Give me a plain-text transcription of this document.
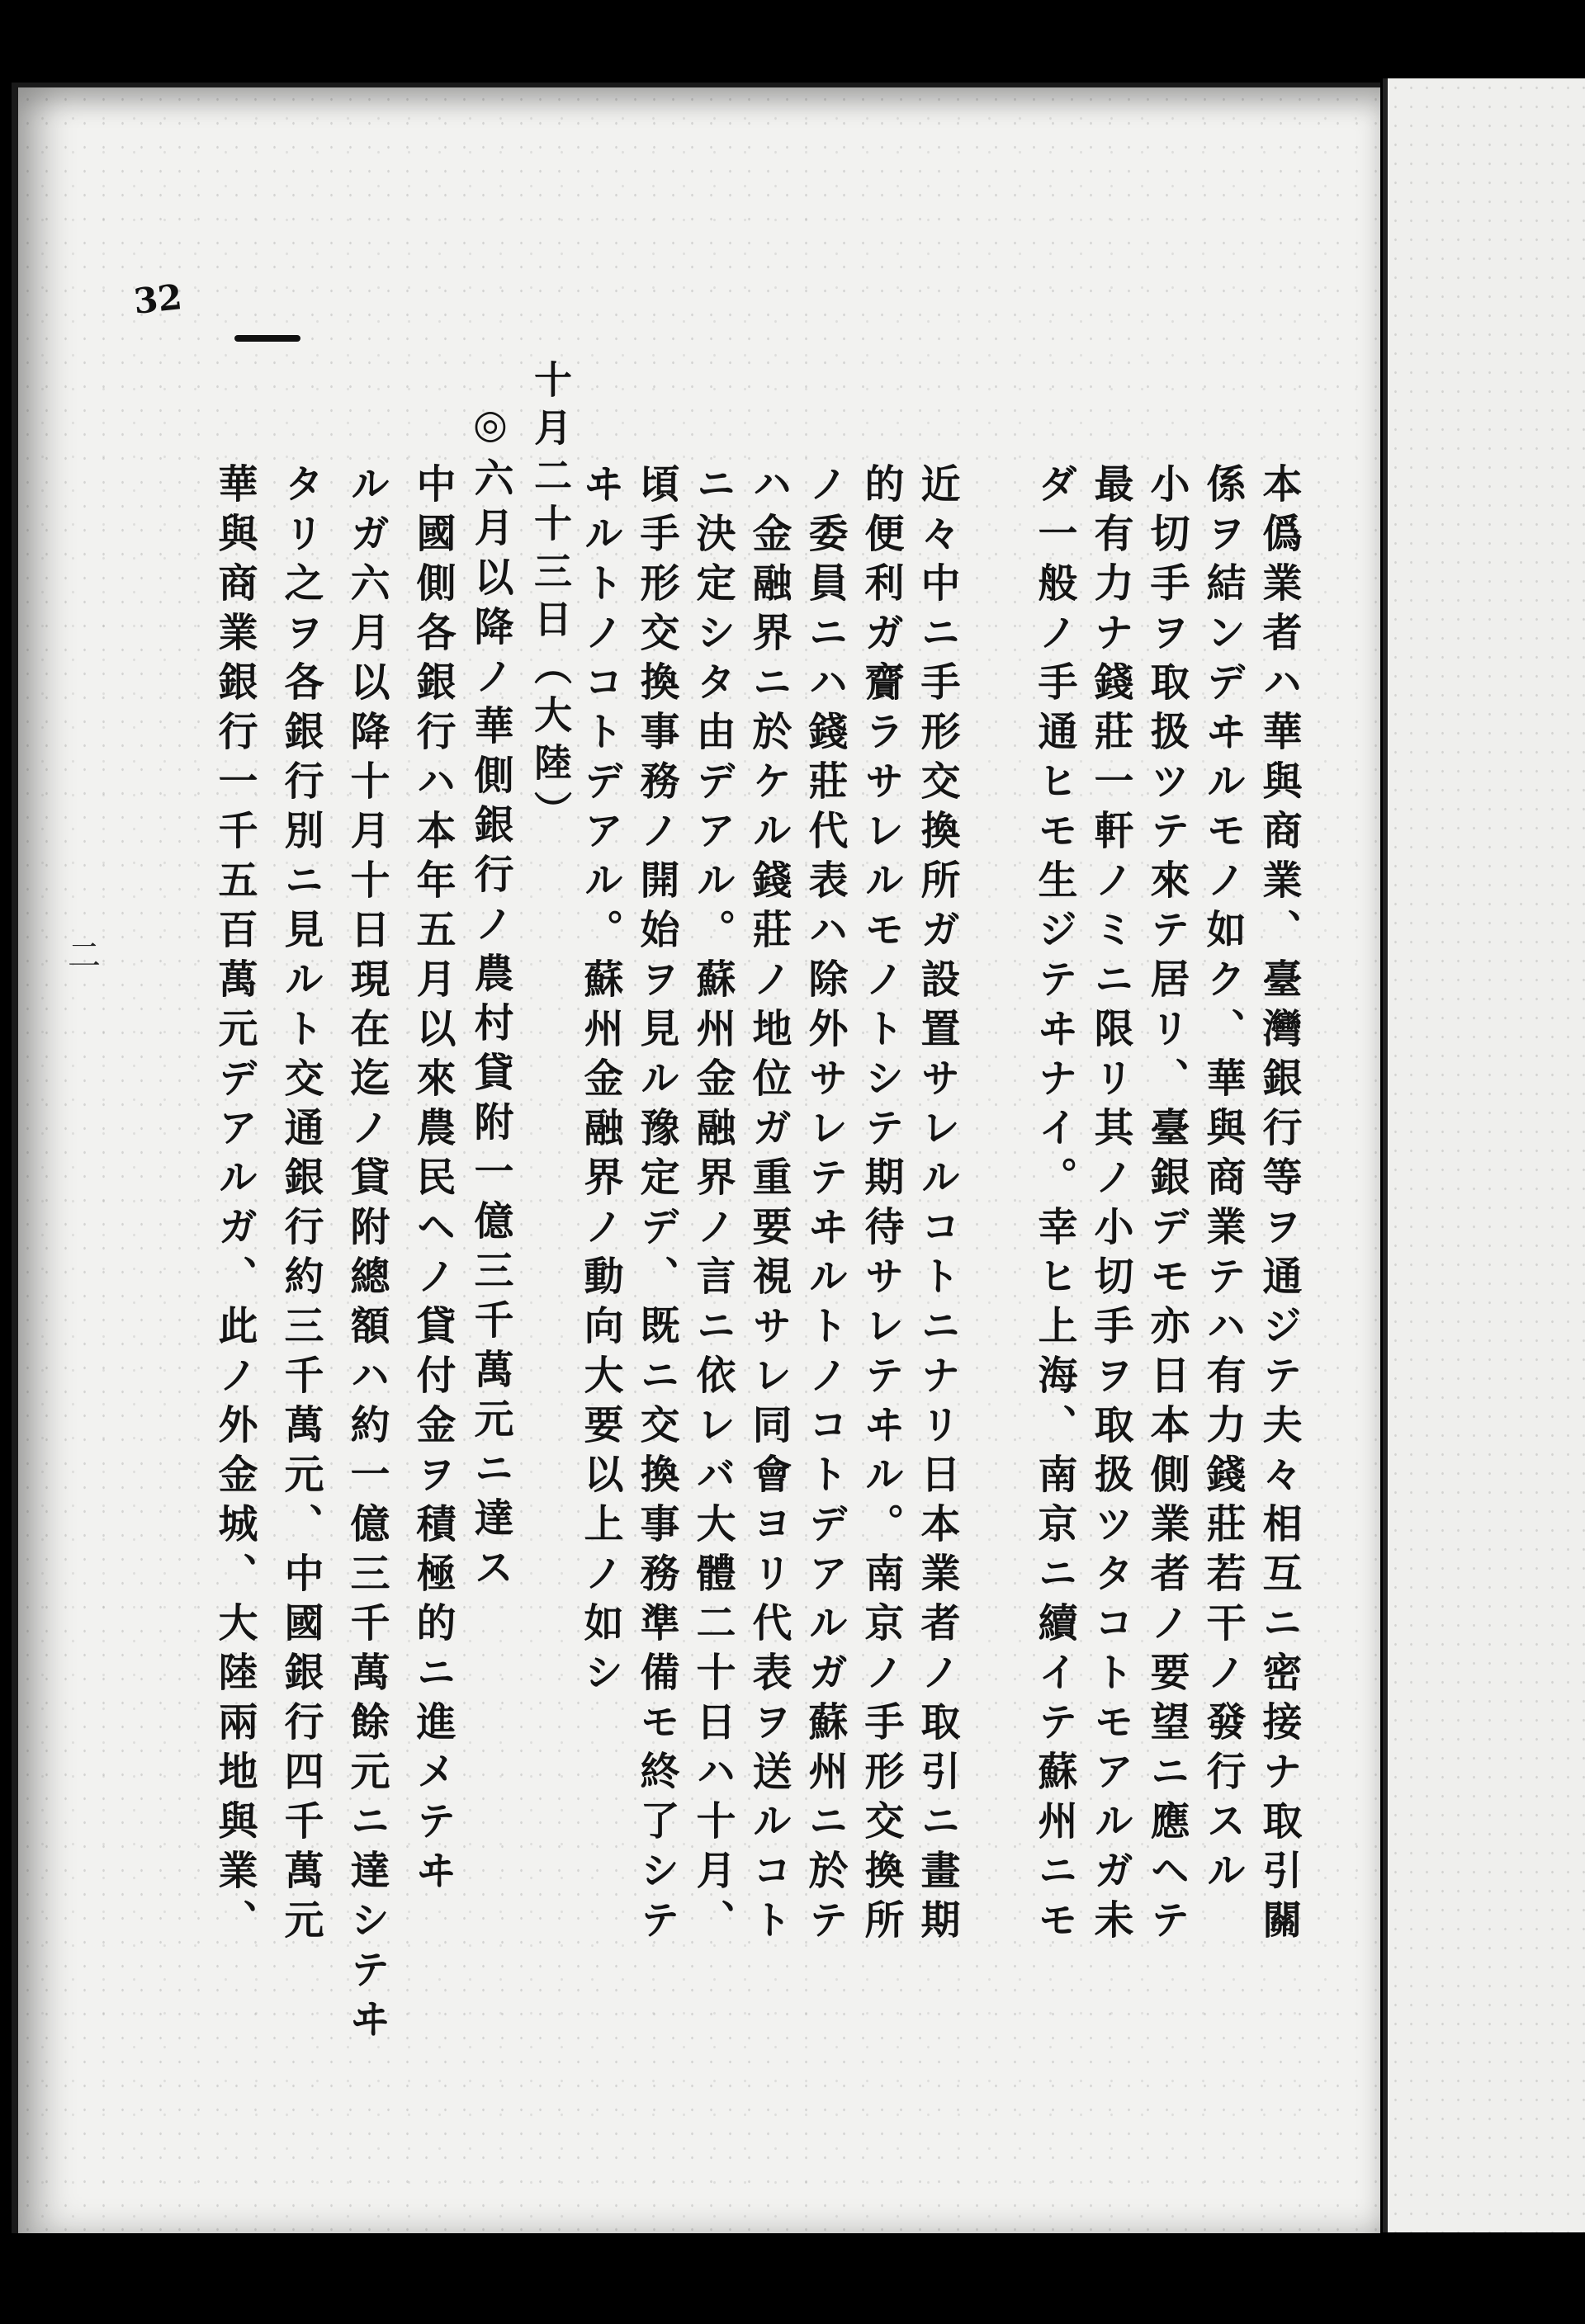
32
二	本僞業者ハ華與商業、臺灣銀行等ヲ通ジテ夫々相互ニ密接ナ取引關
係ヲ結ンデヰルモノ如ク、華與商業テハ有力錢莊若干ノ發行スル
小切手ヲ取扱ツテ來テ居リ、臺銀デモ亦日本側業者ノ要望ニ應ヘテ
最有力ナ錢莊一軒ノミニ限リ其ノ小切手ヲ取扱ツタコトモアルガ未
ダ一般ノ手通ヒモ生ジテヰナイ。幸ヒ上海、南京ニ續イテ蘇州ニモ
近々中ニ手形交換所ガ設置サレルコトニナリ日本業者ノ取引ニ畫期
的便利ガ齎ラサレルモノトシテ期待サレテヰル。南京ノ手形交換所
ノ委員ニハ錢莊代表ハ除外サレテヰルトノコトデアルガ蘇州ニ於テ
ハ金融界ニ於ケル錢莊ノ地位ガ重要視サレ同會ヨリ代表ヲ送ルコト
ニ決定シタ由デアル。蘇州金融界ノ言ニ依レバ大體二十日ハ十月、
頃手形交換事務ノ開始ヲ見ル豫定デ、既ニ交換事務準備モ終了シテ
ヰルトノコトデアル。蘇州金融界ノ動向大要以上ノ如シ
十月二十三日（大陸）
◎六月以降ノ華側銀行ノ農村貸附一億三千萬元ニ達ス
中國側各銀行ハ本年五月以來農民ヘノ貸付金ヲ積極的ニ進メテヰ
ルガ六月以降十月十日現在迄ノ貸附總額ハ約一億三千萬餘元ニ達シテヰ
タリ之ヲ各銀行別ニ見ルト交通銀行約三千萬元、中國銀行四千萬元
華與商業銀行一千五百萬元デアルガ、此ノ外金城、大陸兩地與業、
